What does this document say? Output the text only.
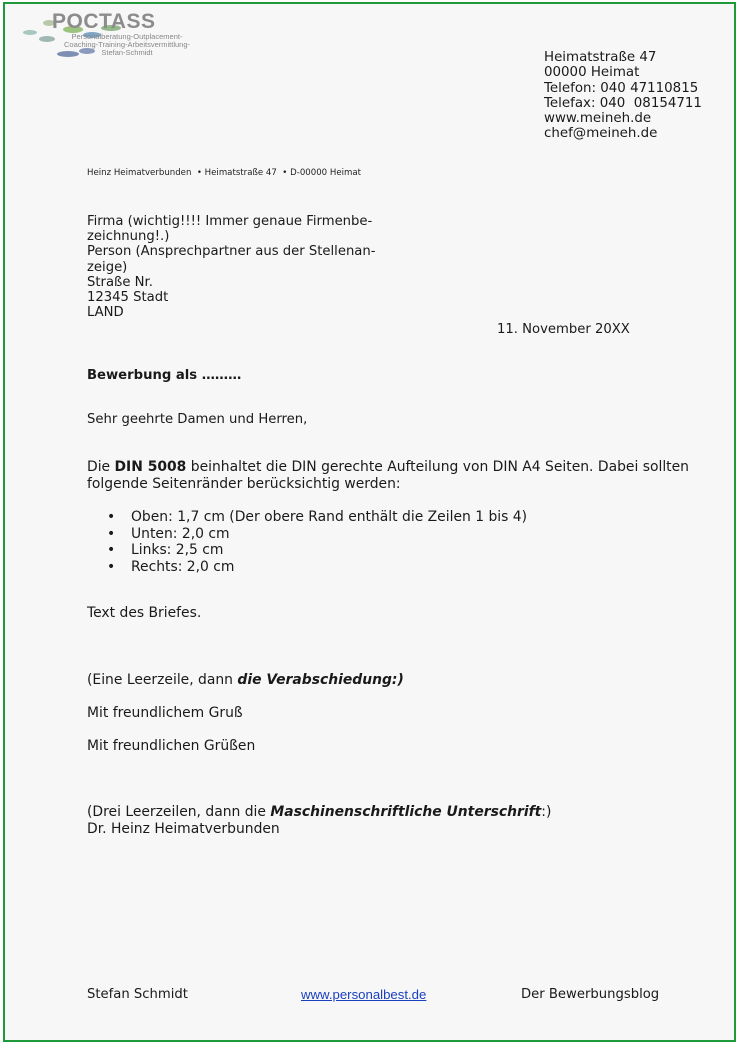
POCTASS
Personalberatung-Outplacement-
Coaching-Training-Arbeitsvermittlung-
Stefan-Schmidt	Heimatstraße 47
00000 Heimat
Telefon: 040 47110815
Telefax: 040  08154711
www.meineh.de
chef@meineh.de
Heinz Heimatverbunden  • Heimatstraße 47  • D-00000 Heimat
Firma (wichtig!!!! Immer genaue Firmenbe-
zeichnung!.)
Person (Ansprechpartner aus der Stellenan-
zeige)
Straße Nr.
12345 Stadt
LAND
11. November 20XX
Bewerbung als ………
Sehr geehrte Damen und Herren,
Die DIN 5008 beinhaltet die DIN gerechte Aufteilung von DIN A4 Seiten. Dabei sollten
folgende Seitenränder berücksichtig werden:
• Oben: 1,7 cm (Der obere Rand enthält die Zeilen 1 bis 4)
• Unten: 2,0 cm
• Links: 2,5 cm
• Rechts: 2,0 cm
Text des Briefes.
(Eine Leerzeile, dann die Verabschiedung:)
Mit freundlichem Gruß
Mit freundlichen Grüßen
(Drei Leerzeilen, dann die Maschinenschriftliche Unterschrift:)
Dr. Heinz Heimatverbunden
Stefan Schmidt	www.personalbest.de	Der Bewerbungsblog
